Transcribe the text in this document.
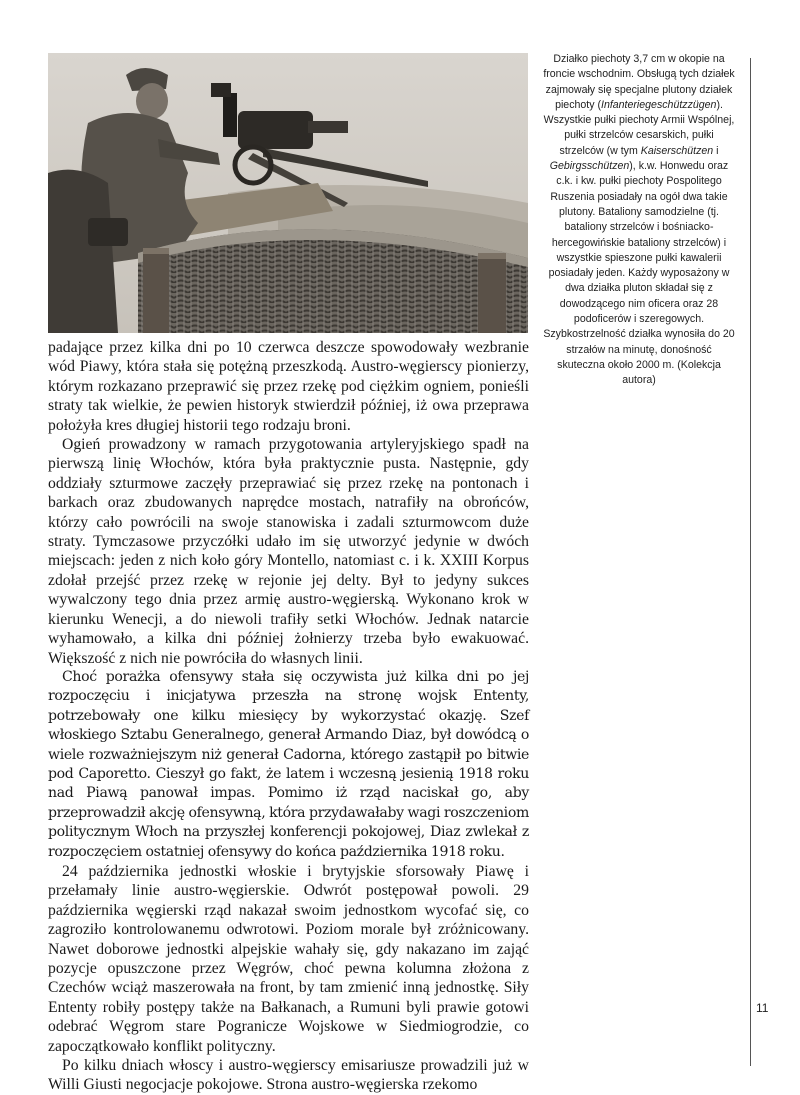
Działko piechoty 3,7 cm w okopie na froncie wschodnim. Obsługą tych działek zajmowały się specjalne plutony działek piechoty (Infanteriegeschützzügen). Wszystkie pułki piechoty Armii Wspólnej, pułki strzelców cesarskich, pułki strzelców (w tym Kaiserschützen i Gebirgsschützen), k.w. Honwedu oraz c.k. i kw. pułki piechoty Pospolitego Ruszenia posiadały na ogół dwa takie plutony. Bataliony samodzielne (tj. bataliony strzelców i bośniacko-hercegowińskie bataliony strzelców) i wszystkie spieszone pułki kawalerii posiadały jeden. Każdy wyposażony w dwa działka pluton składał się z dowodzącego nim oficera oraz 28 podoficerów i szeregowych. Szybkostrzelność działka wynosiła do 20 strzałów na minutę, donośność skuteczna około 2000 m. (Kolekcja autora)

padające przez kilka dni po 10 czerwca deszcze spowodowały wezbranie wód Piawy, która stała się potężną przeszkodą. Austro-węgierscy pionierzy, którym rozkazano przeprawić się przez rzekę pod ciężkim ogniem, ponieśli straty tak wielkie, że pewien historyk stwierdził później, iż owa przeprawa położyła kres długiej historii tego rodzaju broni.

Ogień prowadzony w ramach przygotowania artyleryjskiego spadł na pierwszą linię Włochów, która była praktycznie pusta. Następnie, gdy oddziały szturmowe zaczęły przeprawiać się przez rzekę na pontonach i barkach oraz zbudowanych naprędce mostach, natrafiły na obrońców, którzy cało powrócili na swoje stanowiska i zadali szturmowcom duże straty. Tymczasowe przyczółki udało im się utworzyć jedynie w dwóch miejscach: jeden z nich koło góry Montello, natomiast c. i k. XXIII Korpus zdołał przejść przez rzekę w rejonie jej delty. Był to jedyny sukces wywalczony tego dnia przez armię austro-węgierską. Wykonano krok w kierunku Wenecji, a do niewoli trafiły setki Włochów. Jednak natarcie wyhamowało, a kilka dni później żołnierzy trzeba było ewakuować. Większość z nich nie powróciła do własnych linii.

Choć porażka ofensywy stała się oczywista już kilka dni po jej rozpoczęciu i inicjatywa przeszła na stronę wojsk Ententy, potrzebowały one kilku miesięcy by wykorzystać okazję. Szef włoskiego Sztabu Generalnego, generał Armando Diaz, był dowódcą o wiele rozważniejszym niż generał Cadorna, którego zastąpił po bitwie pod Caporetto. Cieszył go fakt, że latem i wczesną jesienią 1918 roku nad Piawą panował impas. Pomimo iż rząd naciskał go, aby przeprowadził akcję ofensywną, która przydawałaby wagi roszczeniom politycznym Włoch na przyszłej konferencji pokojowej, Diaz zwlekał z rozpoczęciem ostatniej ofensywy do końca października 1918 roku.

24 października jednostki włoskie i brytyjskie sforsowały Piawę i przełamały linie austro-węgierskie. Odwrót postępował powoli. 29 października węgierski rząd nakazał swoim jednostkom wycofać się, co zagroziło kontrolowanemu odwrotowi. Poziom morale był zróżnicowany. Nawet doborowe jednostki alpejskie wahały się, gdy nakazano im zająć pozycje opuszczone przez Węgrów, choć pewna kolumna złożona z Czechów wciąż maszerowała na front, by tam zmienić inną jednostkę. Siły Ententy robiły postępy także na Bałkanach, a Rumuni byli prawie gotowi odebrać Węgrom stare Pogranicze Wojskowe w Siedmiogrodzie, co zapoczątkowało konflikt polityczny.

Po kilku dniach włoscy i austro-węgierscy emisariusze prowadzili już w Willi Giusti negocjacje pokojowe. Strona austro-węgierska rzekomo

11
